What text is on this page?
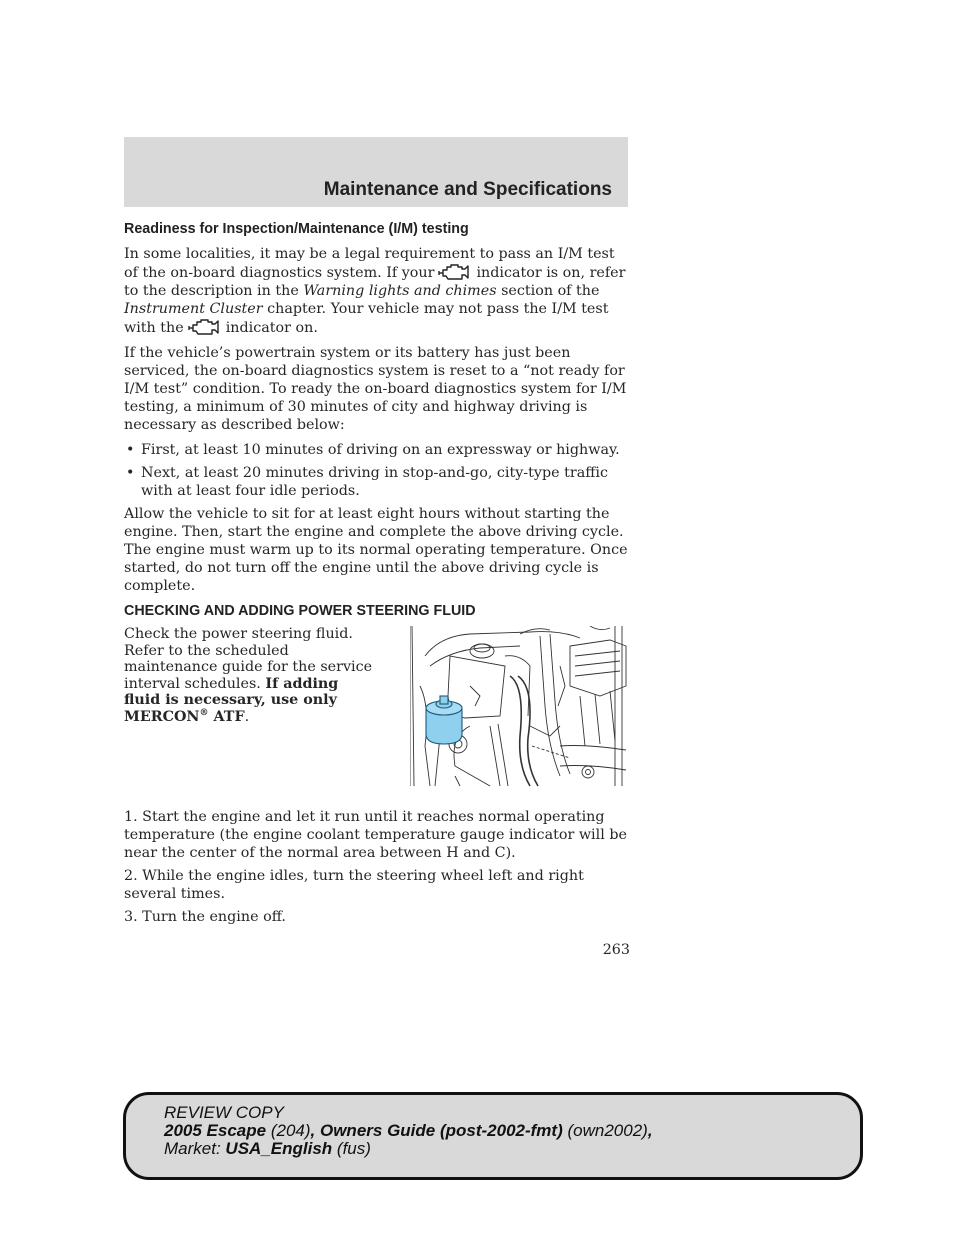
Maintenance and Specifications
Readiness for Inspection/Maintenance (I/M) testing

In some localities, it may be a legal requirement to pass an I/M test of the on-board diagnostics system. If your	indicator is on, refer to the description in the Warning lights and chimes section of the Instrument Cluster chapter. Your vehicle may not pass the I/M test with the	indicator on.

If the vehicle’s powertrain system or its battery has just been serviced, the on-board diagnostics system is reset to a “not ready for I/M test” condition. To ready the on-board diagnostics system for I/M testing, a minimum of 30 minutes of city and highway driving is necessary as described below:

• First, at least 10 minutes of driving on an expressway or highway.
• Next, at least 20 minutes driving in stop-and-go, city-type traffic with at least four idle periods.

Allow the vehicle to sit for at least eight hours without starting the engine. Then, start the engine and complete the above driving cycle. The engine must warm up to its normal operating temperature. Once started, do not turn off the engine until the above driving cycle is complete.

CHECKING AND ADDING POWER STEERING FLUID
Check the power steering fluid. Refer to the scheduled maintenance guide for the service interval schedules. If adding fluid is necessary, use only MERCON® ATF.

1. Start the engine and let it run until it reaches normal operating temperature (the engine coolant temperature gauge indicator will be near the center of the normal area between H and C).

2. While the engine idles, turn the steering wheel left and right several times.

3. Turn the engine off.

263
REVIEW COPY
2005 Escape (204), Owners Guide (post-2002-fmt) (own2002),
Market: USA_English (fus)
